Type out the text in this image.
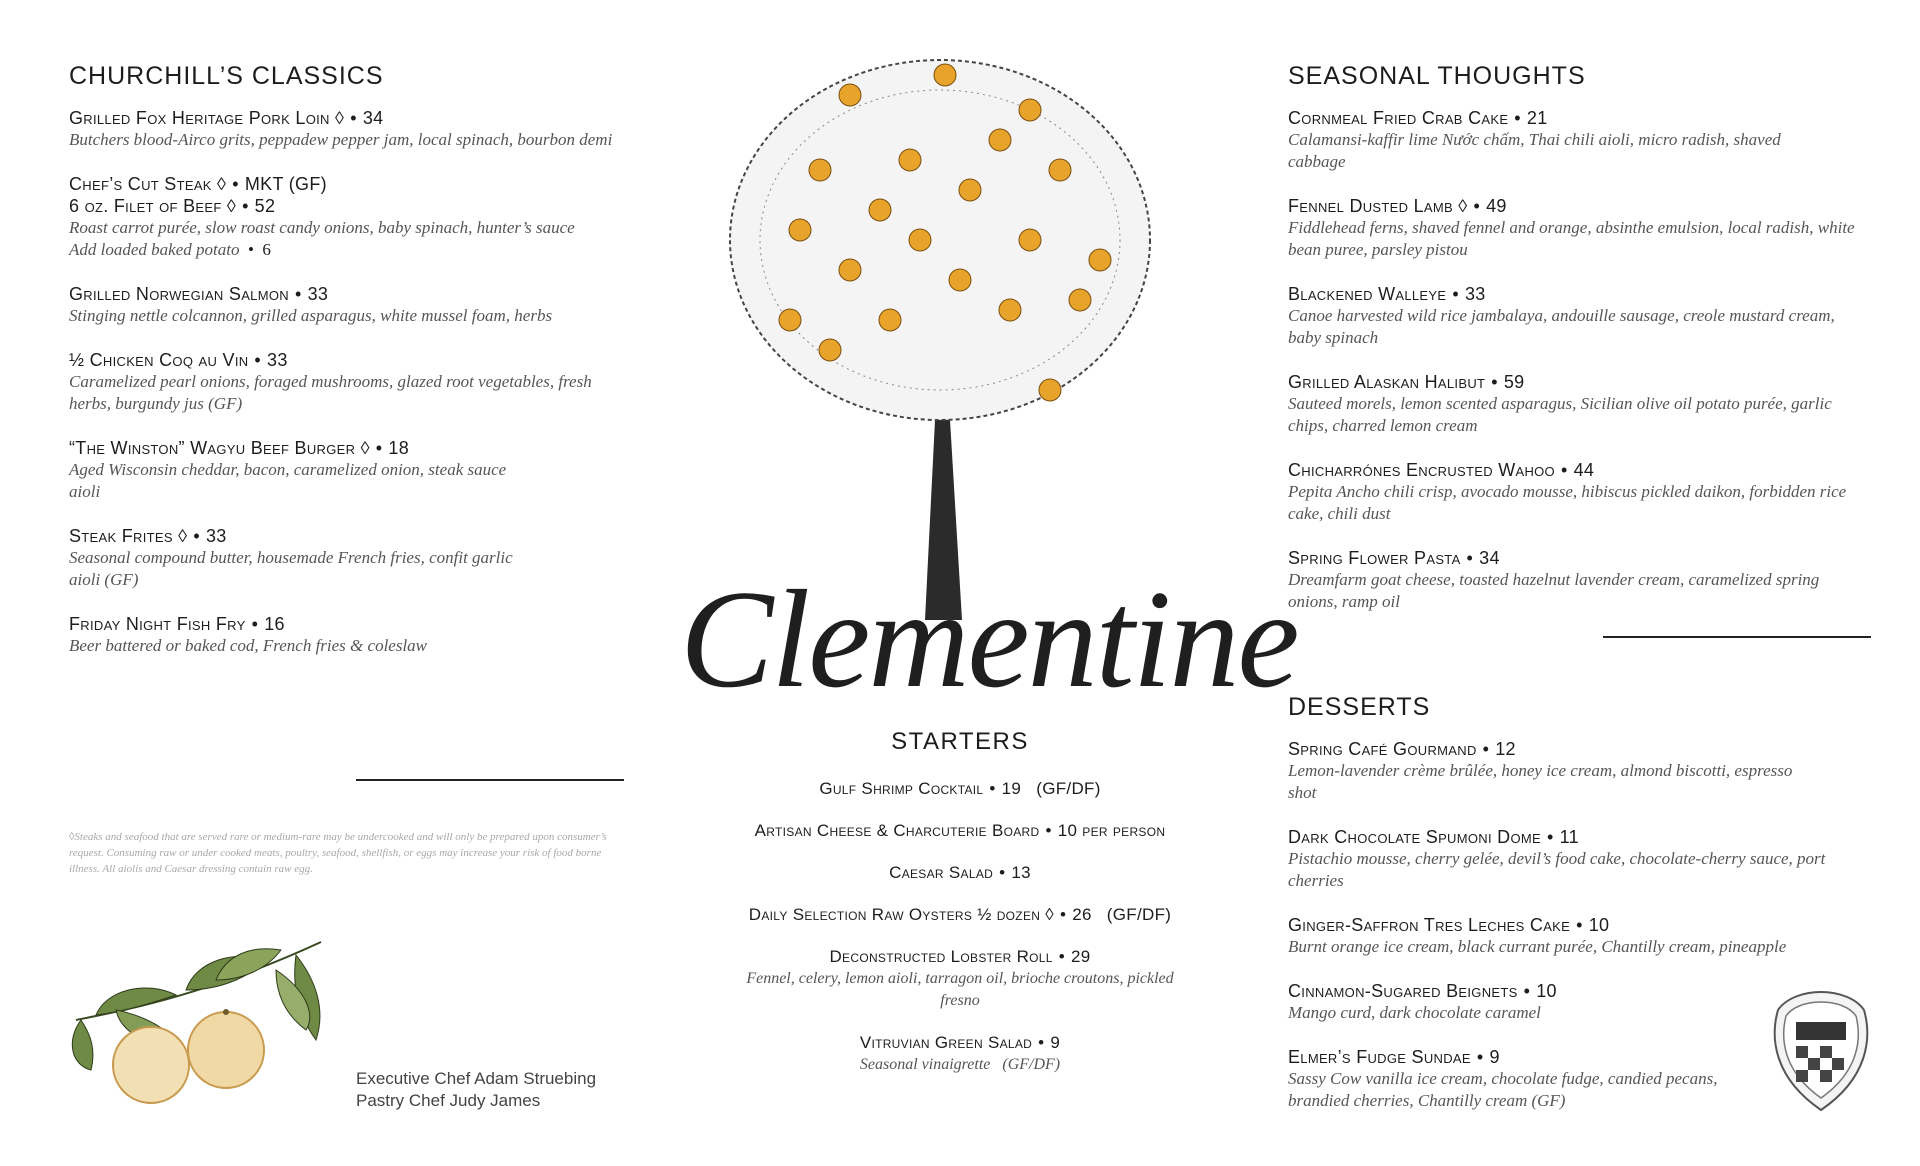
CHURCHILL’S CLASSICS
Grilled Fox Heritage Pork Loin ◊ • 34
Butchers blood-Airco grits, peppadew pepper jam, local spinach, bourbon demi
Chef’s Cut Steak ◊ • MKT (GF)
6 oz. Filet of Beef ◊ • 52
Roast carrot purée, slow roast candy onions, baby spinach, hunter’s sauce
Add loaded baked potato  •  6
Grilled Norwegian Salmon • 33
Stinging nettle colcannon, grilled asparagus, white mussel foam, herbs
½ Chicken Coq au Vin • 33
Caramelized pearl onions, foraged mushrooms, glazed root vegetables, fresh herbs, burgundy jus (GF)
“The Winston” Wagyu Beef Burger ◊ • 18
Aged Wisconsin cheddar, bacon, caramelized onion, steak sauce aioli
Steak Frites ◊ • 33
Seasonal compound butter, housemade French fries, confit garlic aioli (GF)
Friday Night Fish Fry • 16
Beer battered or baked cod, French fries & coleslaw
◊Steaks and seafood that are served rare or medium-rare may be undercooked and will only be prepared upon consumer’s request. Consuming raw or under cooked meats, poultry, seafood, shellfish, or eggs may increase your risk of food borne illness. All aiolis and Caesar dressing contain raw egg.
Executive Chef Adam Struebing
Pastry Chef Judy James
Clementine
STARTERS
Gulf Shrimp Cocktail • 19 (GF/DF)
Artisan Cheese & Charcuterie Board • 10 per person
Caesar Salad • 13
Daily Selection Raw Oysters ½ dozen ◊ • 26 (GF/DF)
Deconstructed Lobster Roll • 29
Fennel, celery, lemon aioli, tarragon oil, brioche croutons, pickled fresno
Vitruvian Green Salad • 9
Seasonal vinaigrette   (GF/DF)
SEASONAL THOUGHTS
Cornmeal Fried Crab Cake • 21
Calamansi-kaffir lime Nước chấm, Thai chili aioli, micro radish, shaved cabbage
Fennel Dusted Lamb ◊ • 49
Fiddlehead ferns, shaved fennel and orange, absinthe emulsion, local radish, white bean puree, parsley pistou
Blackened Walleye • 33
Canoe harvested wild rice jambalaya, andouille sausage, creole mustard cream, baby spinach
Grilled Alaskan Halibut • 59
Sauteed morels, lemon scented asparagus, Sicilian olive oil potato purée, garlic chips, charred lemon cream
Chicharrónes Encrusted Wahoo • 44
Pepita Ancho chili crisp, avocado mousse, hibiscus pickled daikon, forbidden rice cake, chili dust
Spring Flower Pasta • 34
Dreamfarm goat cheese, toasted hazelnut lavender cream, caramelized spring onions, ramp oil
DESSERTS
Spring Café Gourmand • 12
Lemon-lavender crème brûlée, honey ice cream, almond biscotti, espresso shot
Dark Chocolate Spumoni Dome • 11
Pistachio mousse, cherry gelée, devil’s food cake, chocolate-cherry sauce, port cherries
Ginger-Saffron Tres Leches Cake • 10
Burnt orange ice cream, black currant purée, Chantilly cream, pineapple
Cinnamon-Sugared Beignets • 10
Mango curd, dark chocolate caramel
Elmer’s Fudge Sundae • 9
Sassy Cow vanilla ice cream, chocolate fudge, candied pecans, brandied cherries, Chantilly cream (GF)
